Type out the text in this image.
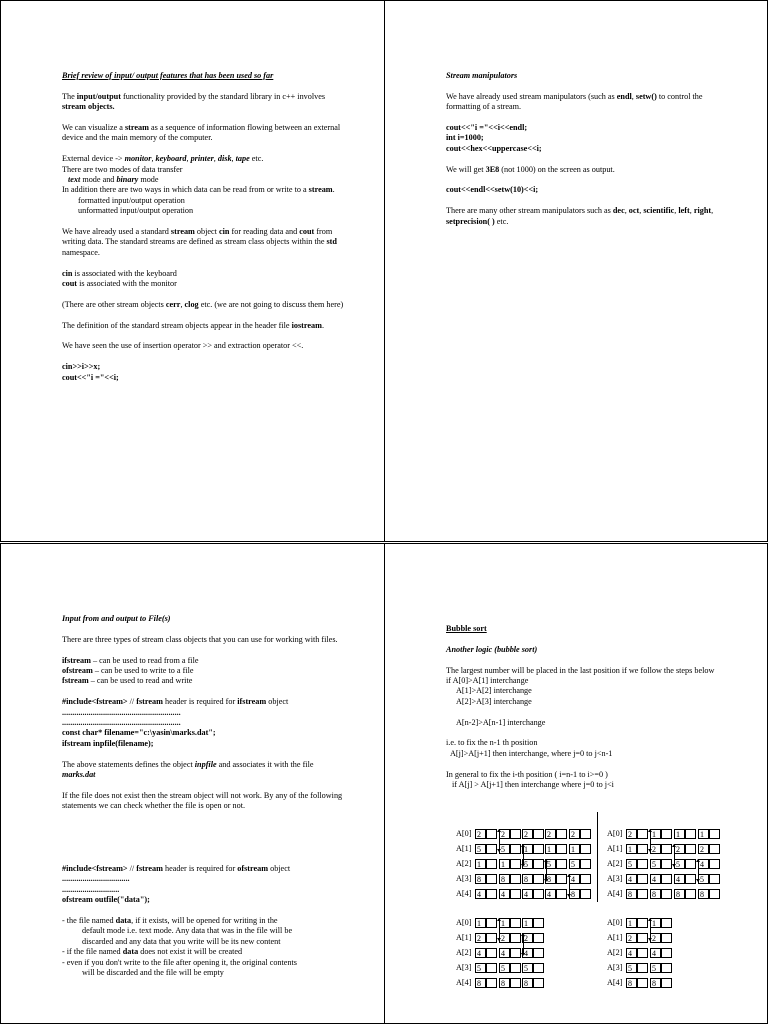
Brief review of input/ output features that has been used so far

The input/output functionality provided by the standard library in c++ involves stream objects.

We can visualize a stream as a sequence of information flowing between an external device and the main memory of the computer.

External device -> monitor, keyboard, printer, disk, tape etc.
There are two modes of data transfer
text mode and binary mode
In addition there are two ways in which data can be read from or write to a stream.
formatted input/output operation

unformatted input/output operation

We have already used a standard stream object cin for reading data and cout from writing data. The standard streams are defined as stream class objects within the std namespace.

cin is associated with the keyboard

cout is associated with the monitor

(There are other stream objects cerr, clog etc. (we are not going to discuss them here)

The definition of the standard stream objects appear in the header file iostream.

We have seen the use of insertion operator >> and extraction operator <<.

cin>>i>>x;
cout<<"i ="<<i;
Stream manipulators

We have already used stream manipulators (such as endl, setw() to control the formatting of a stream.

cout<<"i ="<<i<<endl;
int i=1000;

cout<<hex<<uppercase<<i;

We will get 3E8 (not 1000) on the screen as output.

cout<<endl<<setw(10)<<i;

There are many other stream manipulators such as dec, oct, scientific, left, right, setprecision( ) etc.

Input from and output to File(s)

There are three types of stream class objects that you can use for working with files.

ifstream – can be used to read from a file
ofstream – can be used to write to a file

fstream – can be used to read and write

#include<fstream> // fstream header is required for ifstream object
..........................................................
..........................................................
const char* filename="c:\yasin\marks.dat";

ifstream inpfile(filename);

The above statements defines the object inpfile and associates it with the file marks.dat

If the file does not exist then the stream object will not work. By any of the following statements we can check whether the file is open or not.

#include<fstream> // fstream header is required for ofstream object
.................................
............................

ofstream outfile("data");

- the file named data, if it exists, will be opened for writing in the
default mode i.e. text mode. Any data that was in the file will be
discarded and any data that you write will be its new content
- if the file named data does not exist it will be created
- even if you don't write to the file after opening it, the original contents
will be discarded and the file will be empty
Bubble sort
Another logic (bubble sort)
The largest number will be placed in the last position if we follow the steps below
if A[0]>A[1] interchange
A[1]>A[2] interchange

A[2]>A[3] interchange

A[n-2]>A[n-1] interchange

i.e. to fix the n-1 th position

A[j]>A[j+1] then interchange, where j=0 to j<n-1

In general to fix the i-th position ( i=n-1 to i>=0 )
if A[j] > A[j+1] then interchange where j=0 to j<i
A[0]
A[1]
A[2]
A[3]
A[4]
2
5
1
8
4
2
5
1
8
4
2
1
5
8
4
2
1
5
8
4
2
1
5
4
8
A[0]
A[1]
A[2]
A[3]
A[4]
2
1
5
4
8
1
2
5
4
8
1
2
5
4
8
1
2
4
5
8
A[0]
A[1]
A[2]
A[3]
A[4]
1
2
4
5
8
1
2
4
5
8
1
2
4
5
8
A[0]
A[1]
A[2]
A[3]
A[4]
1
2
4
5
8
1
2
4
5
8
